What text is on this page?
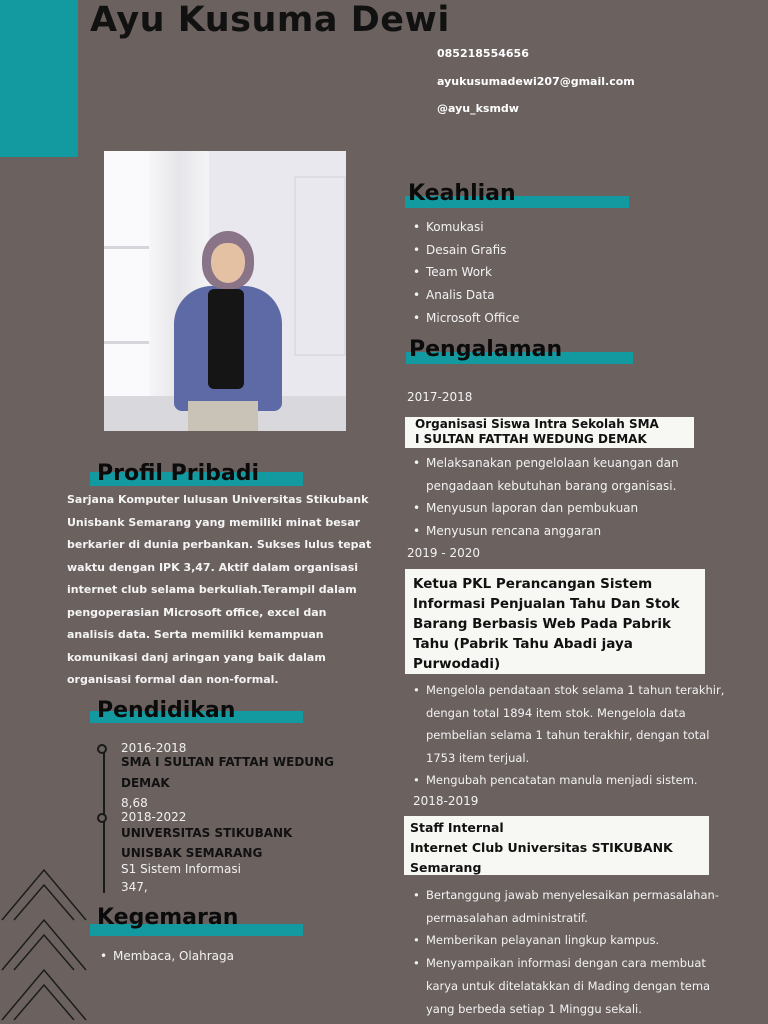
Ayu Kusuma Dewi
085218554656
ayukusumadewi207@gmail.com
@ayu_ksmdw
Keahlian
• Komukasi
• Desain Grafis
• Team Work
• Analis Data
• Microsoft Office
Pengalaman
2017-2018
Organisasi Siswa Intra Sekolah SMA
I SULTAN FATTAH WEDUNG DEMAK
• Melaksanakan pengelolaan keuangan dan
pengadaan kebutuhan barang organisasi.
• Menyusun laporan dan pembukuan
• Menyusun rencana anggaran
2019 - 2020
Ketua PKL Perancangan Sistem
Informasi Penjualan Tahu Dan Stok
Barang Berbasis Web Pada Pabrik
Tahu (Pabrik Tahu Abadi jaya
Purwodadi)
• Mengelola pendataan stok selama 1 tahun terakhir,
dengan total 1894 item stok. Mengelola data
pembelian selama 1 tahun terakhir, dengan total
1753 item terjual.
• Mengubah pencatatan manula menjadi sistem.
2018-2019
Staff Internal
Internet Club Universitas STIKUBANK
Semarang
• Bertanggung jawab menyelesaikan permasalahan-
permasalahan administratif.
• Memberikan pelayanan lingkup kampus.
• Menyampaikan informasi dengan cara membuat
karya untuk ditelatakkan di Mading dengan tema
yang berbeda setiap 1 Minggu sekali.
Profil Pribadi
Sarjana Komputer lulusan Universitas Stikubank
Unisbank Semarang yang memiliki minat besar
berkarier di dunia perbankan. Sukses lulus tepat
waktu dengan IPK 3,47. Aktif dalam organisasi
internet club selama berkuliah.Terampil dalam
pengoperasian Microsoft office, excel dan
analisis data. Serta memiliki kemampuan
komunikasi danj aringan yang baik dalam
organisasi formal dan non-formal.
Pendidikan
2016-2018
SMA I SULTAN FATTAH WEDUNG
DEMAK
8,68
2018-2022
UNIVERSITAS STIKUBANK
UNISBAK SEMARANG
S1 Sistem Informasi
347,
Kegemaran
• Membaca, Olahraga
